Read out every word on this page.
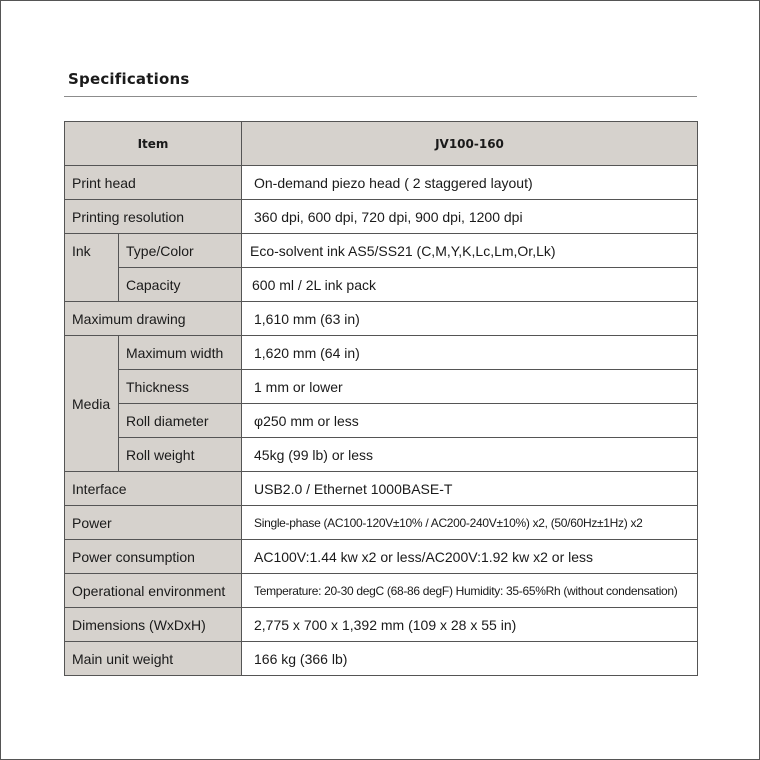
Specifications
Item		JV100-160
Print head		On-demand piezo head ( 2 staggered layout)
Printing resolution		360 dpi, 600 dpi, 720 dpi, 900 dpi, 1200 dpi
Ink	Type/Color	Eco-solvent ink AS5/SS21 (C,M,Y,K,Lc,Lm,Or,Lk)
	Capacity	600 ml / 2L ink pack
Maximum drawing		1,610 mm (63 in)
Media	Maximum width	1,620 mm (64 in)
	Thickness	1 mm or lower
	Roll diameter	φ250 mm or less
	Roll weight	45kg (99 lb) or less
Interface		USB2.0 / Ethernet 1000BASE-T
Power		Single-phase (AC100-120V±10% / AC200-240V±10%) x2, (50/60Hz±1Hz) x2
Power consumption		AC100V:1.44 kw x2 or less/AC200V:1.92 kw x2 or less
Operational environment		Temperature: 20-30 degC (68-86 degF) Humidity: 35-65%Rh (without condensation)
Dimensions (WxDxH)		2,775 x 700 x 1,392 mm (109 x 28 x 55 in)
Main unit weight		166 kg (366 lb)
